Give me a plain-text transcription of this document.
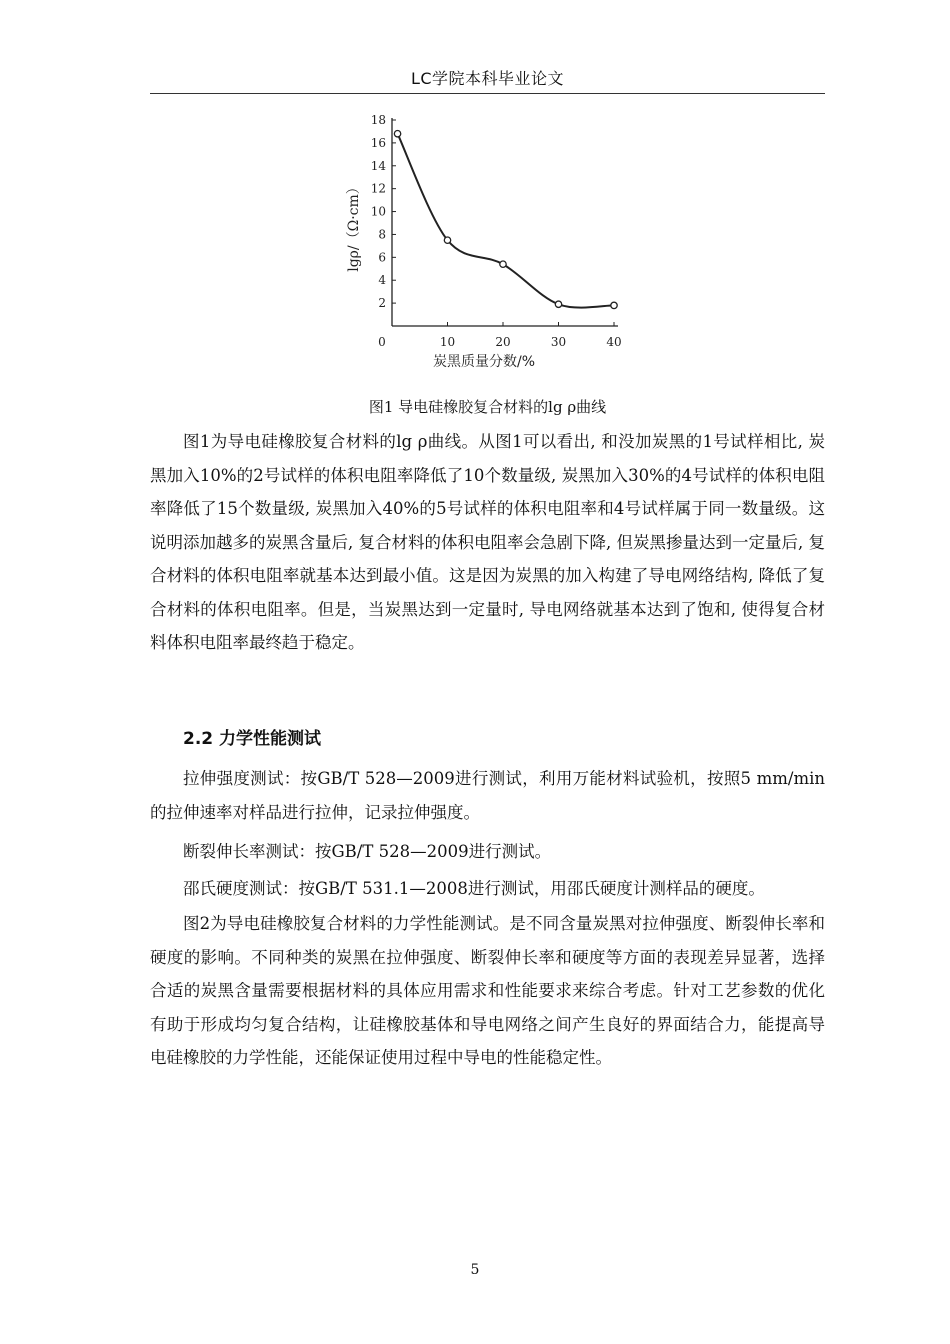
LC学院本科毕业论文
2
4
6
8
10
12
14
16
18
0	10	20	30	40
lgρ/（Ω·cm）
炭黑质量分数/%
图1 导电硅橡胶复合材料的lg ρ曲线

图1为导电硅橡胶复合材料的lg ρ曲线。从图1可以看出, 和没加炭黑的1号试样相比, 炭黑加入10%的2号试样的体积电阻率降低了10个数量级, 炭黑加入30%的4号试样的体积电阻率降低了15个数量级, 炭黑加入40%的5号试样的体积电阻率和4号试样属于同一数量级。这说明添加越多的炭黑含量后, 复合材料的体积电阻率会急剧下降, 但炭黑掺量达到一定量后, 复合材料的体积电阻率就基本达到最小值。这是因为炭黑的加入构建了导电网络结构, 降低了复合材料的体积电阻率。但是，当炭黑达到一定量时, 导电网络就基本达到了饱和, 使得复合材料体积电阻率最终趋于稳定。

2.2 力学性能测试

拉伸强度测试：按GB/T 528—2009进行测试，利用万能材料试验机，按照5 mm/min的拉伸速率对样品进行拉伸，记录拉伸强度。

断裂伸长率测试：按GB/T 528—2009进行测试。

邵氏硬度测试：按GB/T 531.1—2008进行测试，用邵氏硬度计测样品的硬度。

图2为导电硅橡胶复合材料的力学性能测试。是不同含量炭黑对拉伸强度、断裂伸长率和硬度的影响。不同种类的炭黑在拉伸强度、断裂伸长率和硬度等方面的表现差异显著，选择合适的炭黑含量需要根据材料的具体应用需求和性能要求来综合考虑。针对工艺参数的优化有助于形成均匀复合结构，让硅橡胶基体和导电网络之间产生良好的界面结合力，能提高导电硅橡胶的力学性能，还能保证使用过程中导电的性能稳定性。

5
